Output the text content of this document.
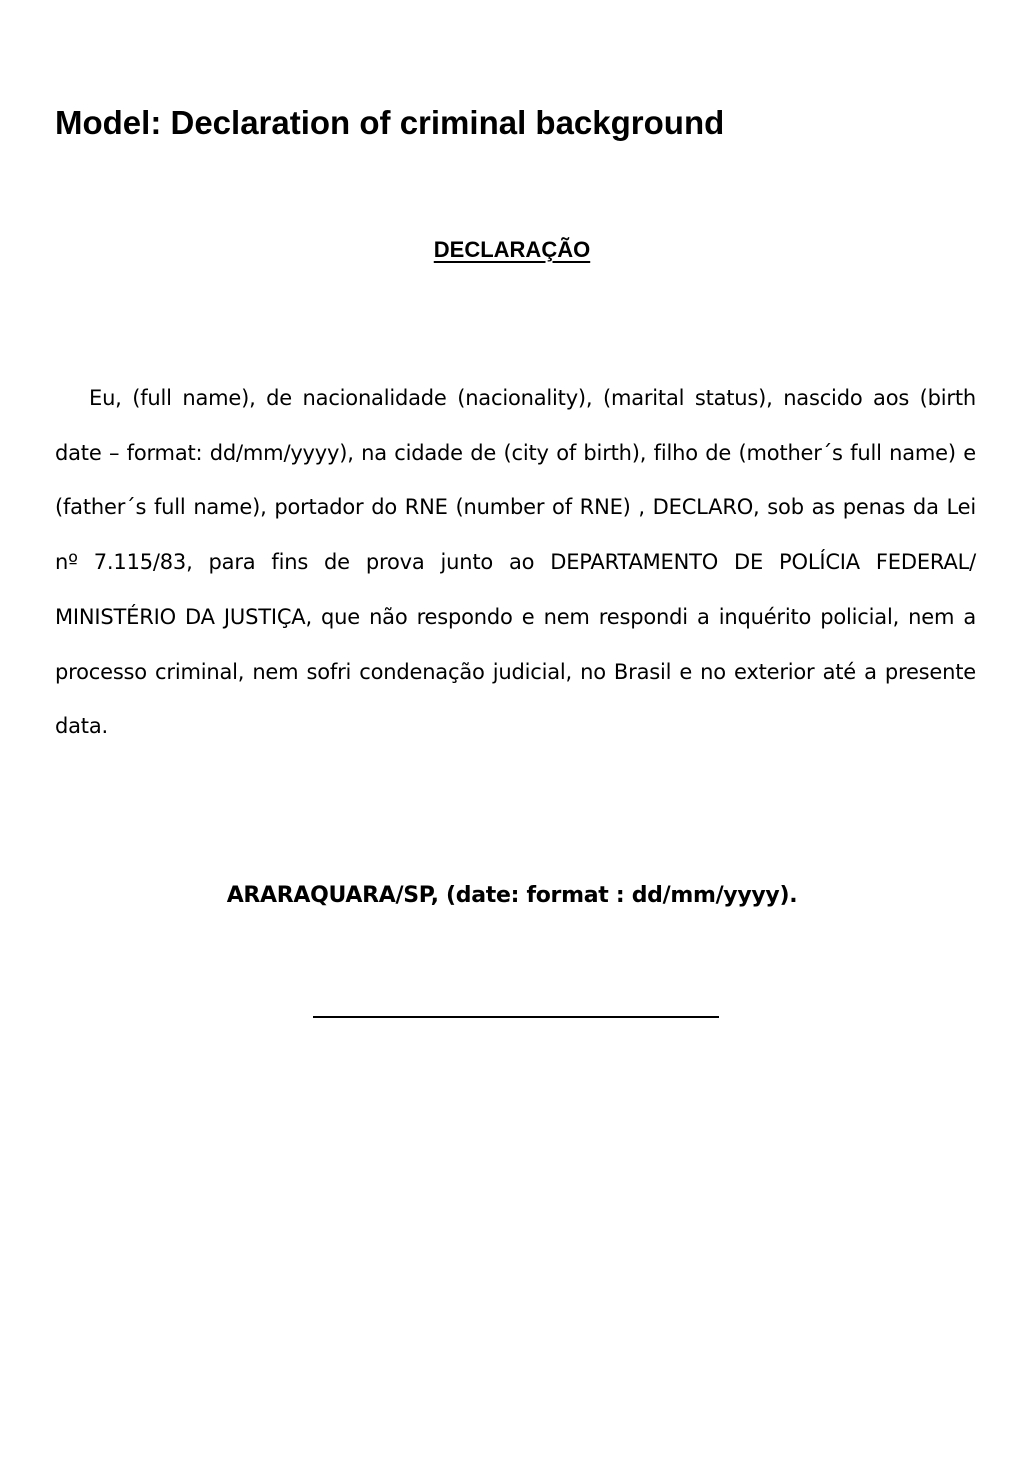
Model: Declaration of criminal background
DECLARAÇÃO

Eu, (full name), de nacionalidade (nacionality), (marital status), nascido aos (birth date – format: dd/mm/yyyy), na cidade de (city of birth), filho de (mother´s full name) e (father´s full name), portador do RNE (number of RNE) , DECLARO, sob as penas da Lei nº 7.115/83, para fins de prova junto ao DEPARTAMENTO DE POLÍCIA FEDERAL/ MINISTÉRIO DA JUSTIÇA, que não respondo e nem respondi a inquérito policial, nem a processo criminal, nem sofri condenação judicial, no Brasil e no exterior até a presente data.

ARARAQUARA/SP, (date: format : dd/mm/yyyy).
